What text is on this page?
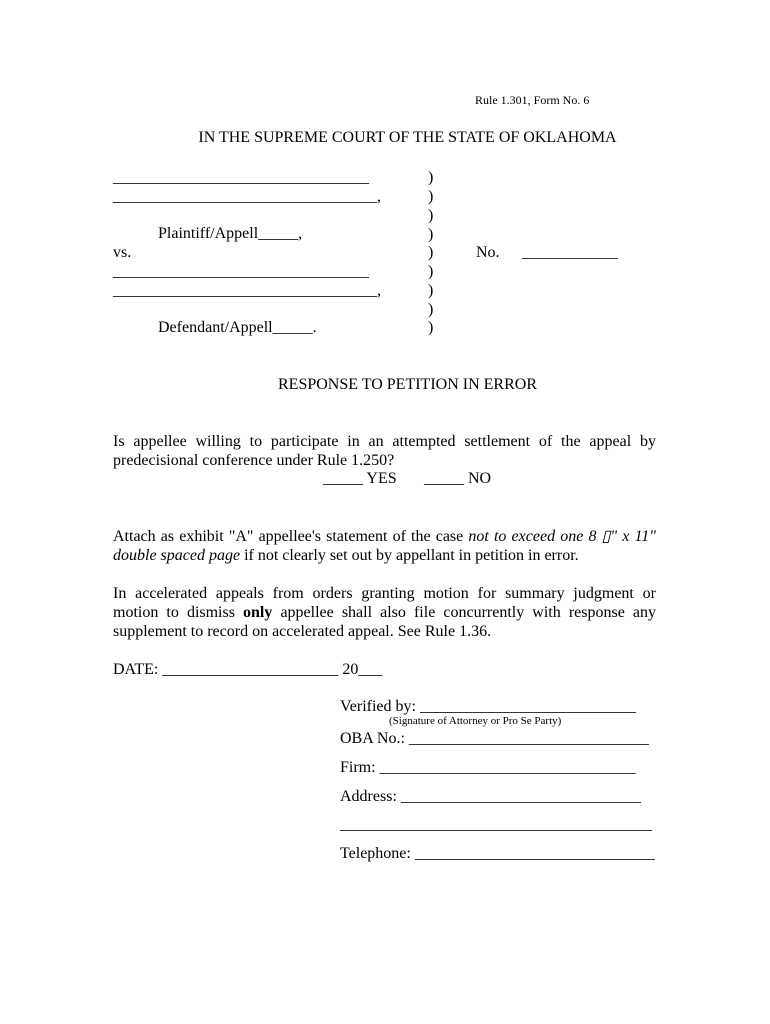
Rule 1.301, Form No. 6
IN THE SUPREME COURT OF THE STATE OF OKLAHOMA
________________________________
_________________________________,
Plaintiff/Appell_____,
vs.
________________________________
_________________________________,
Defendant/Appell_____.
)
)
)
)
)
)
)
)
)
No. ____________
RESPONSE TO PETITION IN ERROR
Is appellee willing to participate in an attempted settlement of the appeal by predecisional conference under Rule 1.250?
_____ YES _____ NO
Attach as exhibit "A" appellee's statement of the case not to exceed one 8 ▯" x 11" double spaced page if not clearly set out by appellant in petition in error.
In accelerated appeals from orders granting motion for summary judgment or motion to dismiss only appellee shall also file concurrently with response any supplement to record on accelerated appeal. See Rule 1.36.
DATE: ______________________ 20___
Verified by: ___________________________
(Signature of Attorney or Pro Se Party)
OBA No.: ______________________________
Firm: ________________________________
Address: ______________________________
_______________________________________
Telephone: ______________________________
